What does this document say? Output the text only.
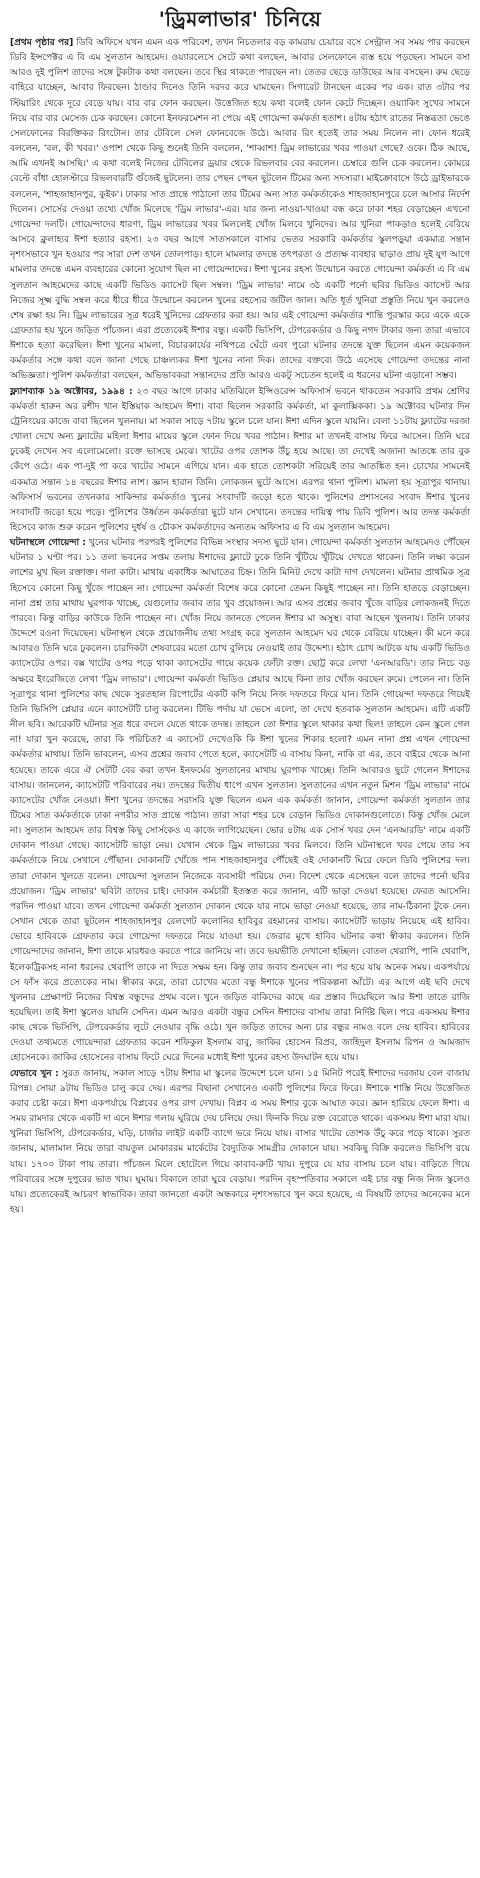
'ড্রিমলাভার' চিনিয়ে

[প্রথম পৃষ্ঠার পর] ডিবি অফিসে যখন এমন এক পরিবেশ, তখন নিচতলার বড় কামরায় চেয়ারে বসে সেন্ট্রাল সব সময় পার করছেন ডিবি ইন্সপেক্টর এ বি এম সুলতান আহমেদ। ওয়্যারলেসে সেটে কথা বলছেন, আবার সেলফোনে ব্যস্ত হয়ে পড়ছেন। সামনে বসা আরও দুই পুলিশ তাদের সঙ্গে টুকটাক কথা বলছেন। তবে স্থির থাকতে পারছেন না। তেতর ছেড়ে ডাউছের আর বসছেন। রুম ছেড়ে বাহিরে যাচ্ছেন, আবার ফিরছেন। ঠাণ্ডার দিনেও তিনি দরদর করে ঘামছেন। সিগারেট টানছেন একের পর এক। রাত ৩টার পর স্টিয়ারিং থেকে দূরে বেড়ে যায়। বার বার ফোন করছেন। উত্তেজিত হয়ে কথা বলেই ফোন কেটে দিচ্ছেন। ওয়্যাকিং সুখের সামনে নিয়ে বার বার মেসেজ চেক করছেন। কোনো ইনফরমেশন না পেয়ে এই গোয়েন্দা কর্মকর্তা হতাশ। ৪টায় হঠাৎ রাতের নিস্তব্ধতা ভেঙে সেলফোনের বিরক্তিকর রিংটোন। তার টেবিলে সেল ফোনবেজে উঠে। আবার রিং হতেই তার সময় নিলেন না। ফোন ধরেই বললেন, 'বল, কী খবর।' ওপাশ থেকে কিছু শুনেই তিনি বললেন, 'শাব্বাশ! ড্রিম লাভারের খবর পাওয়া গেছে? ওকে। ঠিক আছে, আমি এখনই আসছি।' এ কথা বলেই নিজের টেবিলের ড্রয়ার থেকে রিভলবার বের করলেন। চেম্বারে গুলি চেক করলেন। কোমরে বেল্টে বাঁধা হোলস্টারে রিভলবারটি গুঁজেই ছুটলেন। তার পেছন পেছন ছুটলেন টিমের অন্য সদস্যরা। মাইক্রোবাসে উঠে ড্রাইভারকে বললেন, 'শাহজাহানপুর, কুইক'। ঢাকার সাত প্রান্তে পাঠানো তার টিমের অন্য সাত কর্মকর্তাকেও শাহজাহানপুরে চলে আসার নির্দেশ দিলেন। সোর্সের দেওয়া তথ্যে খোঁজ মিলেছে 'ড্রিম লাভার'-এর। যার জন্য নাওয়া-খাওয়া বন্ধ করে ঢাকা শহর বেড়াচ্ছেন এখনো গোয়েন্দা দলটি। গোয়েন্দাদের ধারণা, ড্রিম লাভারের খবর মিললেই খোঁজ মিলবে খুনিদের। আর খুনিরা পাকড়াও হলেই বেরিয়ে আসবে ক্লুলাহ্যর ঈশা হত্যার রহস্য। ২৩ বছর আগে সাতসকালে বাসার ভেতর সরকারি কর্মকর্তার স্কুলপড়ুয়া একমাত্র সন্তান নৃশংসভাবে খুন হওয়ার পর সারা দেশ তখন তোলপাড়। হালে মামলার তদন্তে তৎপরতা ও প্রত্যক্ষ ব্যবহার ছাড়াও প্রায় দুই যুগ আগে মামলার তদন্তে এমন ব্যবহারের কোনো সুযোগ ছিল না গোয়েন্দাদের। ঈশা খুনের রহস্য উন্মোচন করতে গোয়েন্দা কর্মকর্তা এ বি এম সুলতান আহমেদের কাছে একটি ভিডিও ক্যাসেট ছিল সম্বল। 'ড্রিম লাভার' নামে ৩ঠ একটি পর্নো ছবির ভিডিও ক্যাসেট আর নিজের সূক্ষ্ম বুদ্ধি সম্বল করে ধীরে ধীরে উন্মোচন করলেন খুনের রহস্যের জটিল জাল। অতি ধূর্ত খুনিরা প্রস্তুতি নিয়ে খুন করলেও শেষ রক্ষা হয় নি। ড্রিম লাভারের সূত্র ধরেই খুনিদের গ্রেফতার করা হয়। আর এই গোয়েন্দা কর্মকর্তার শান্তি পুরস্কার করে একে একে গ্রেফতার হয় খুনে জড়িত পাঁচজন। এরা প্রত্যেকেই ঈশার বন্ধু। একটি ভিসিপি, টেপরেকর্ডার ও কিছু নগদ টাকার জন্য তারা এভাবে ঈশাকে হত্যা করেছিল। ঈশা খুনের মামলা, বিচারকার্যের নথিপত্রে ঘেঁটে এবং পুরো ঘটনার তদন্তে যুক্ত ছিলেন এমন কয়েকজন কর্মকর্তার সঙ্গে কথা বলে জানা গেছে চাঞ্চল্যকর ঈশা খুনের নানা দিক। তাদের বক্তব্যে উঠে এসেছে গোয়েন্দা তদন্তের নানা অভিজ্ঞতা। পুলিশ কর্মকর্তারা বলছেন, অভিভাবকরা সন্তানদের প্রতি আরও একটু সচেতন হলেই এ ধরনের ঘটনা এড়ানো সম্ভব।

ফ্ল্যাশব্যাক ১৯ অক্টোবর, ১৯৯৪ : ২৩ বছর আগে ঢাকার মতিঝিলে ইন্সিওরেন্স অফিসার্স ভবনে থাকতেন সরকারি প্রথম শ্রেণির কর্মকর্তা হারুন অর রশীদ খান ইস্তিয়াক আহমেদ ঈশা। বাবা ছিলেন সরকারি কর্মকর্তা, মা কুলাক্সিককা। ১৯ অক্টোবর ঘটনার দিন ট্রেনিংয়ের কাজে বাবা ছিলেন খুলনায়। মা সকাল সাড়ে ৭টায় স্কুলে চলে যান। ঈশা এদিন স্কুলে যায়নি। বেলা ১১টায় ফ্ল্যাটের দরজা খোলা দেখে অন্য ফ্ল্যাটের মহিলা ঈশার মায়ের স্কুলে ফোন দিয়ে খবর পাঠান। ঈশার মা তখনই বাসায় ফিরে আসেন। তিনি ঘরে ঢুকেই দেখেন সব এলোমেলো। রক্তে ভাসছে মেঝে। খাটের ওপর তোশক উঁচু হয়ে আছে। তা দেখেই অজানা আতঙ্কে তার বুক কেঁপে ওঠে। এক পা-দুই পা করে খাটের সামনে এগিয়ে যান। এক হাতে তোশকটা সরিয়েই তার আতঙ্কিত হন। চোখের সামনেই একমাত্র সন্তান ১৪ বছরের ঈশার লাশ। জ্ঞান হারান তিনি। লোকজন ছুটে আসে। এরপর থানা পুলিশ। মামলা হয় সূত্রাপুর থানায়। অফিসার্স ভবনের তখনকার সাকিন্দার কর্মকর্তাও খুনের সংবাদটি জড়ো হতে থাকে। পুলিশের প্রশাসনের সংবাদ ঈশার খুনের সংবাদটি জড়ো হয়ে পড়ে। পুলিশের উর্ধ্বতন কর্মকর্তারা ছুটে যান সেখানে। তদন্তের দায়িত্ব পায় ডিবি পুলিশ। আর তদন্ত কর্মকর্তা হিসেবে কাজ শুরু করেন পুলিশের দুর্ধর্ষ ও চৌকস কর্মকর্তাদের অন্যতম অফিসার এ বি এম সুলতান আহমেদ।

ঘটনাস্থলে গোয়েন্দা : খুনের ঘটনার পরপরই পুলিশের বিভিন্ন সংস্থার সদস্য ছুটে যান। গোয়েন্দা কর্মকর্তা সুলতান আহমেদও পৌঁছেন ঘটনার ১ ঘণ্টা পর। ১১ তলা ভবনের সপ্তম তলায় ঈশাদের ফ্ল্যাটে ঢুকে তিনি খুঁটিয়ে খুঁটিয়ে দেখতে থাকেন। তিনি লক্ষ্য করেন লাশের মুখ ছিল রক্তাক্ত। গলা কাটা। মাথায় একাধিক আঘাতের চিহ্ন। তিনি মিনিট দেখে কাটা দাগ দেখলেন। ঘটনার প্রাথমিক সূত্র হিসেবে কোনো কিছু খুঁজে পাচ্ছেন না। গোয়েন্দা কর্মকর্তা বিশেষ করে কোনো তেমন কিছুই পাচ্ছেন না। তিনি হাতড়ে বেড়াচ্ছেন। নানা প্রশ্ন তার মাথায় ঘুরপাক খাচ্ছে, যেগুলোর জবাব তার খুব প্রয়োজন। আর এসব প্রশ্নের জবাব খুঁজে বাড়ির লোকজনই দিতে পারবে। কিন্তু বাড়ির কাউকে তিনি পাচ্ছেন না। খোঁজ নিয়ে জানতে পেলেন ঈশার মা অসুস্থ। বাবা আছেন খুলনায়। তিনি ঢাকার উদ্দেশে রওনা দিয়েছেন। ঘটনাস্থল থেকে প্রয়োজনীয় তথ্য সংগ্রহ করে সুলতান আহমেদ ঘর থেকে বেরিয়ে যাচ্ছেন। কী মনে করে আবারও তিনি ঘরে ঢুকলেন। চারদিকটা শেষবারের মতো চোখ বুলিয়ে নেওয়াই তার উদ্দেশ্য। হঠাৎ চোখ আটকে যায় একটি ভিডিও ক্যাসেটের ওপর। বক্স খাটের ওপর পড়ে থাকা ক্যাসেটের গায়ে কয়েক ফোঁটা রক্ত। ছোট্ট করে লেখা 'এনআরডি'। তার নিচে বড় অক্ষরে ইংরেজিতে লেখা 'ড্রিম লাভার'। গোয়েন্দা কর্মকর্তা ভিডিও প্লেয়ার আছে কিনা তার খোঁজ করছেন রুমে। পেলেন না। তিনি সূত্রাপুর থানা পুলিশের কাছ থেকে সুরতহাল রিপোর্টের একটি কপি নিয়ে নিজ দফতরে ফিরে যান। তিনি গোয়েন্দা দফতরে গিয়েই তিনি ভিসিপি প্লেয়ার এনে ক্যাসেটটি চালু করলেন। টিভি পর্দায় যা ভেসে এলো, তা দেখে হতবাক সুলতান আহমেদ। এটি একটি নীল ছবি। আরেকটি ঘটনার সূত্র ধরে বদলে যেতে থাকে তদন্ত। তাহলে তো ঈশার স্কুলে থাকার কথা ছিল! তাহলে কেন স্কুলে গেল না! যারা খুন করেছে, তারা কি পরিচিত? এ ক্যাসেট দেখেওকি কি ঈশা খুনের শিকার হলো? এমন নানা প্রশ্ন এখন গোয়েন্দা কর্মকর্তার মাথায়। তিনি ভাবলেন, এসব প্রশ্নের জবাব পেতে হলে, ক্যাসেটটি এ বাসায় কিনা, নাকি বা এর, তবে বাইরে থেকে আনা হয়েছে। তাকে এরে ঐ সেটটি বের করা তখন ইনফর্মের সুলতানের মাথায় ঘুরপাক খাচ্ছে। তিনি আবারও ছুটে গেলেন ঈশাদের বাসায়। জানলেন, ক্যাসেটটি পরিবারের নয়। তদন্তের দ্বিতীয় ধাপে এখন সুলতান। সুলতানের এখন নতুন মিশন 'ড্রিম লাভার' নামে ক্যাসেটের খোঁজ নেওয়া। ঈশা খুনের তদন্তের সরাসরি যুক্ত ছিলেন এমন এক কর্মকর্তা জানান, গোয়েন্দা কর্মকর্তা সুলতান তার টিমের সাত কর্মকর্তাকে ঢাকা নগরীর সাত প্রান্তে পাঠান। তারা সারা শহর চষে বেড়ান ভিডিও দোকানগুলোতে। কিন্তু খোঁজ মেলে না। সুলতান আহমেদ তার বিশ্বস্ত কিছু সোর্সকেও এ কাজে লাগিয়েছেন। ভোর ৪টায় এক সোর্স খবর দেন 'এনআরডি' নামে একটি দোকান পাওয়া গেছে। ক্যাসেটটি ভাড়া নেয়। যেখান থেকে ড্রিম লাভারের খবর মিলবে। তিনি ঘটনাস্থলে খবর পেয়ে তার সব কর্মকর্তাকে নিয়ে সেখানে পৌঁছান। দোকানটি খোঁজে পান শাহজাহানপুর পৌঁছেই ওই দোকানটি ঘিরে ফেলে ডিবি পুলিশের দল। তারা দোকান খুলতে বলেন। গোয়েন্দা সুলতান নিজেকে ব্যবসায়ী পরিচয় দেন। বিদেশ থেকে এসেছেন বলে তাদের পর্নো ছবির প্রয়োজন। 'ড্রিম লাভার' ছবিটা তাদের চাই। দোকান কর্মচারী ইতস্তত করে জানান, এটি ভাড়া দেওয়া হয়েছে। ফেরত আসেনি। পরদিন পাওয়া যাবে। তখন গোয়েন্দা কর্মকর্তা সুলতান দোকান থেকে যার নামে ভাড়া নেওয়া হয়েছে, তার নাম-ঠিকানা টুকে নেন। সেখান থেকে তারা ছুটলেন শাহজাহানপুর রেলগেট কলোনির হাবিবুর রহমানের বাসায়। ক্যাসেটটি ভাড়ায় নিয়েছে এই হাবিব। ভোরে হাবিবকে গ্রেফতার করে গোয়েন্দা দফতরে নিয়ে যাওয়া হয়। জেরার মুখে হাবিব ঘটনার কথা স্বীকার করলেন। তিনি গোয়েন্দাদের জানান, ঈশা তাকে মারধরও করতে পারে জানিয়ে না। তবে ভয়ভীতি দেখানো হচ্ছিল। বোতল থেরাপি, পানি থেরাপি, ইলেকট্রিকসহ নানা ধরনের থেরাপি তাকে না দিতে সক্ষম হন। কিন্তু তার জবাব শুনছেন না। পর হয়ে যায় অনেক সময়। একপর্যায়ে সে ফাঁস করে প্রত্যেকের নাম। স্বীকার করে, তারা চোখের মতো বন্ধু ঈশাকে খুনের পরিকল্পনা আঁটে। এর আগে এই ছবি দেখে খুলনার প্রেক্ষাপট নিজের বিশ্বস্ত বন্ধুদের প্রথম বলে। খুনে জড়িত বাকিদের কাছে এর প্রস্তাব দিয়েছিলে আর ঈশা তাতে রাজি হয়েছিল। তাই ঈশা স্কুলেও যায়নি সেদিন। এমন আরও একটা বন্ধুর সেদিন ঈশাদের বাসায় তারা নির্দিষ্ট ছিল। পরে একসময় ঈশার কাছ থেকে ভিসিপি, টেপরেকর্ডার লুটে নেওয়ার বৃদ্ধি ওঠে। খুন জড়িত তাদের অন্য চার বন্ধুর নামও বলে দেয় হাবিব। হাবিবের দেওয়া তথ্যমতে গোয়েন্দারা গ্রেফতার করেন শফিকুল ইসলাম বাবু, জাকির হোসেন রিপ্রব, জাহিদুল ইসলাম রিপন ও আমজাদ হোসেনকে। জাকির হোসেনের বাসায় ফিটে ঘেরে দিনের মধ্যেই ঈশা খুনের রহস্য উদঘাটন হয়ে যায়।

যেভাবে খুন : সুরত জানায়, সকাল সাড়ে ৭টায় ঈশার মা স্কুলের উদ্দেশে চলে যান। ১৫ মিনিট পরেই ঈশাদের দরজায় বেল বাজায় রিপন্ন। সোয়া ৯টায় ভিডিও চালু করে দেয়। এরপর বিছানা সেখানেও একটি পুলিশের ফিরে ফিরে। ঈশাকে শাস্তি নিয়ে উত্তেজিত করার চেষ্টা করে। ঈশা একপর্যায়ে বিপ্লবের ওপর রাগ দেখায়। বিপ্লব এ সময় ঈশার বুকে আঘাত করে। জ্ঞান হারিয়ে ফেলে ঈশা। এ সময় রামদার থেকে একটি দা এনে ঈশার গলায় ঘুরিয়ে দেয় চলিয়ে দেয়। ফিনকি দিয়ে রক্ত বেরোতে থাকে। একসময় ঈশা মারা যায়। খুনিরা ভিসিপি, টেপরেকর্ডার, ঘড়ি, চার্জার লাইট একটি ব্যাগে ভরে নিয়ে যায়। বাসার খাটের তোশক উঁচু করে পড়ে থাকে। সুরত জানায়, মালামাল নিয়ে তারা বায়তুল মোকাররম মার্কেটের বৈদ্যুতিক সামগ্রীর দোকানে যায়। সবকিছু বিক্রি করলেও ভিসিপি রয়ে যায়। ১৭০০ টাকা পায় তারা। পাঁচজন মিলে হোটেলে গিয়ে কাবাব-রুটি খায়। দুপুরে যে যার বাসায় চলে যায়। বাড়িতে গিয়ে পরিবারের সঙ্গে দুপুরের ভাত খায়। ঘুমায়। বিকালে তারা ঘুরে বেড়ায়। পরদিন বৃহস্পতিবার সকালে এই চার বন্ধু নিজ নিজ স্কুলেও যায়। প্রত্যেকেরই আচরণ স্বাভাবিক। তারা জানতো একটা অন্ধকারে নৃশংসভাবে খুন করে হয়েছে, এ বিষয়টি তাদের অনেকের মনে হয়।
